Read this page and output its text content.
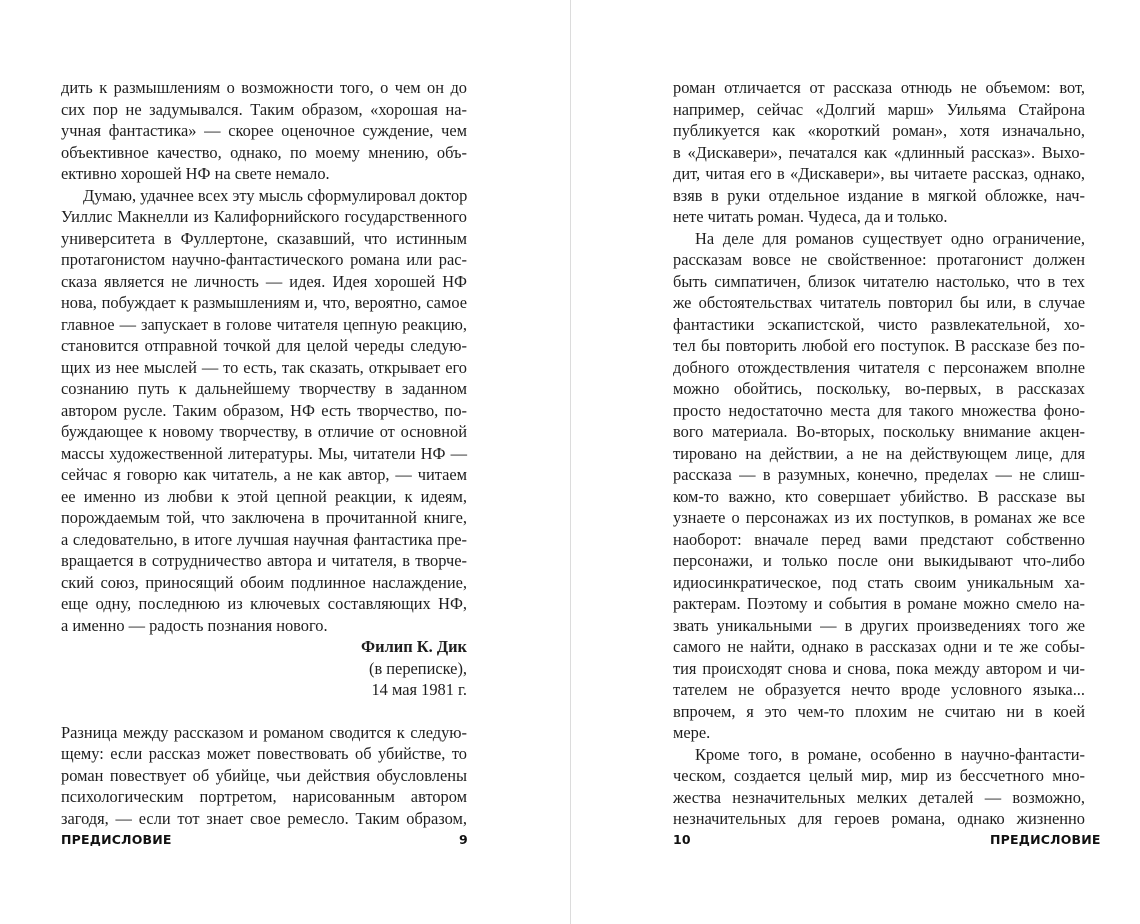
дить к размышлениям о возможности того, о чем он до
сих пор не задумывался. Таким образом, «хорошая на-
учная фантастика» — скорее оценочное суждение, чем
объективное качество, однако, по моему мнению, объ-
ективно хорошей НФ на свете немало.
Думаю, удачнее всех эту мысль сформулировал доктор
Уиллис Макнелли из Калифорнийского государственного
университета в Фуллертоне, сказавший, что истинным
протагонистом научно-фантастического романа или рас-
сказа является не личность — идея. Идея хорошей НФ
нова, побуждает к размышлениям и, что, вероятно, самое
главное — запускает в голове читателя цепную реакцию,
становится отправной точкой для целой череды следую-
щих из нее мыслей — то есть, так сказать, открывает его
сознанию путь к дальнейшему творчеству в заданном
автором русле. Таким образом, НФ есть творчество, по-
буждающее к новому творчеству, в отличие от основной
массы художественной литературы. Мы, читатели НФ —
сейчас я говорю как читатель, а не как автор, — читаем
ее именно из любви к этой цепной реакции, к идеям,
порождаемым той, что заключена в прочитанной книге,
а следовательно, в итоге лучшая научная фантастика пре-
вращается в сотрудничество автора и читателя, в творче-
ский союз, приносящий обоим подлинное наслаждение,
еще одну, последнюю из ключевых составляющих НФ,
а именно — радость познания нового.
Филип К. Дик
(в переписке),
14 мая 1981 г.
Разница между рассказом и романом сводится к следую-
щему: если рассказ может повествовать об убийстве, то
роман повествует об убийце, чьи действия обусловлены
психологическим портретом, нарисованным автором
загодя, — если тот знает свое ремесло. Таким образом,
ПРЕДИСЛОВИЕ	9
роман отличается от рассказа отнюдь не объемом: вот,
например, сейчас «Долгий марш» Уильяма Стайрона
публикуется как «короткий роман», хотя изначально,
в «Дискавери», печатался как «длинный рассказ». Выхо-
дит, читая его в «Дискавери», вы читаете рассказ, однако,
взяв в руки отдельное издание в мягкой обложке, нач-
нете читать роман. Чудеса, да и только.
На деле для романов существует одно ограничение,
рассказам вовсе не свойственное: протагонист должен
быть симпатичен, близок читателю настолько, что в тех
же обстоятельствах читатель повторил бы или, в случае
фантастики эскапистской, чисто развлекательной, хо-
тел бы повторить любой его поступок. В рассказе без по-
добного отождествления читателя с персонажем вполне
можно обойтись, поскольку, во-первых, в рассказах
просто недостаточно места для такого множества фоно-
вого материала. Во-вторых, поскольку внимание акцен-
тировано на действии, а не на действующем лице, для
рассказа — в разумных, конечно, пределах — не слиш-
ком-то важно, кто совершает убийство. В рассказе вы
узнаете о персонажах из их поступков, в романах же все
наоборот: вначале перед вами предстают собственно
персонажи, и только после они выкидывают что-либо
идиосинкратическое, под стать своим уникальным ха-
рактерам. Поэтому и события в романе можно смело на-
звать уникальными — в других произведениях того же
самого не найти, однако в рассказах одни и те же собы-
тия происходят снова и снова, пока между автором и чи-
тателем не образуется нечто вроде условного языка...
впрочем, я это чем-то плохим не считаю ни в коей
мере.
Кроме того, в романе, особенно в научно-фантасти-
ческом, создается целый мир, мир из бессчетного мно-
жества незначительных мелких деталей — возможно,
незначительных для героев романа, однако жизненно
10	ПРЕДИСЛОВИЕ
